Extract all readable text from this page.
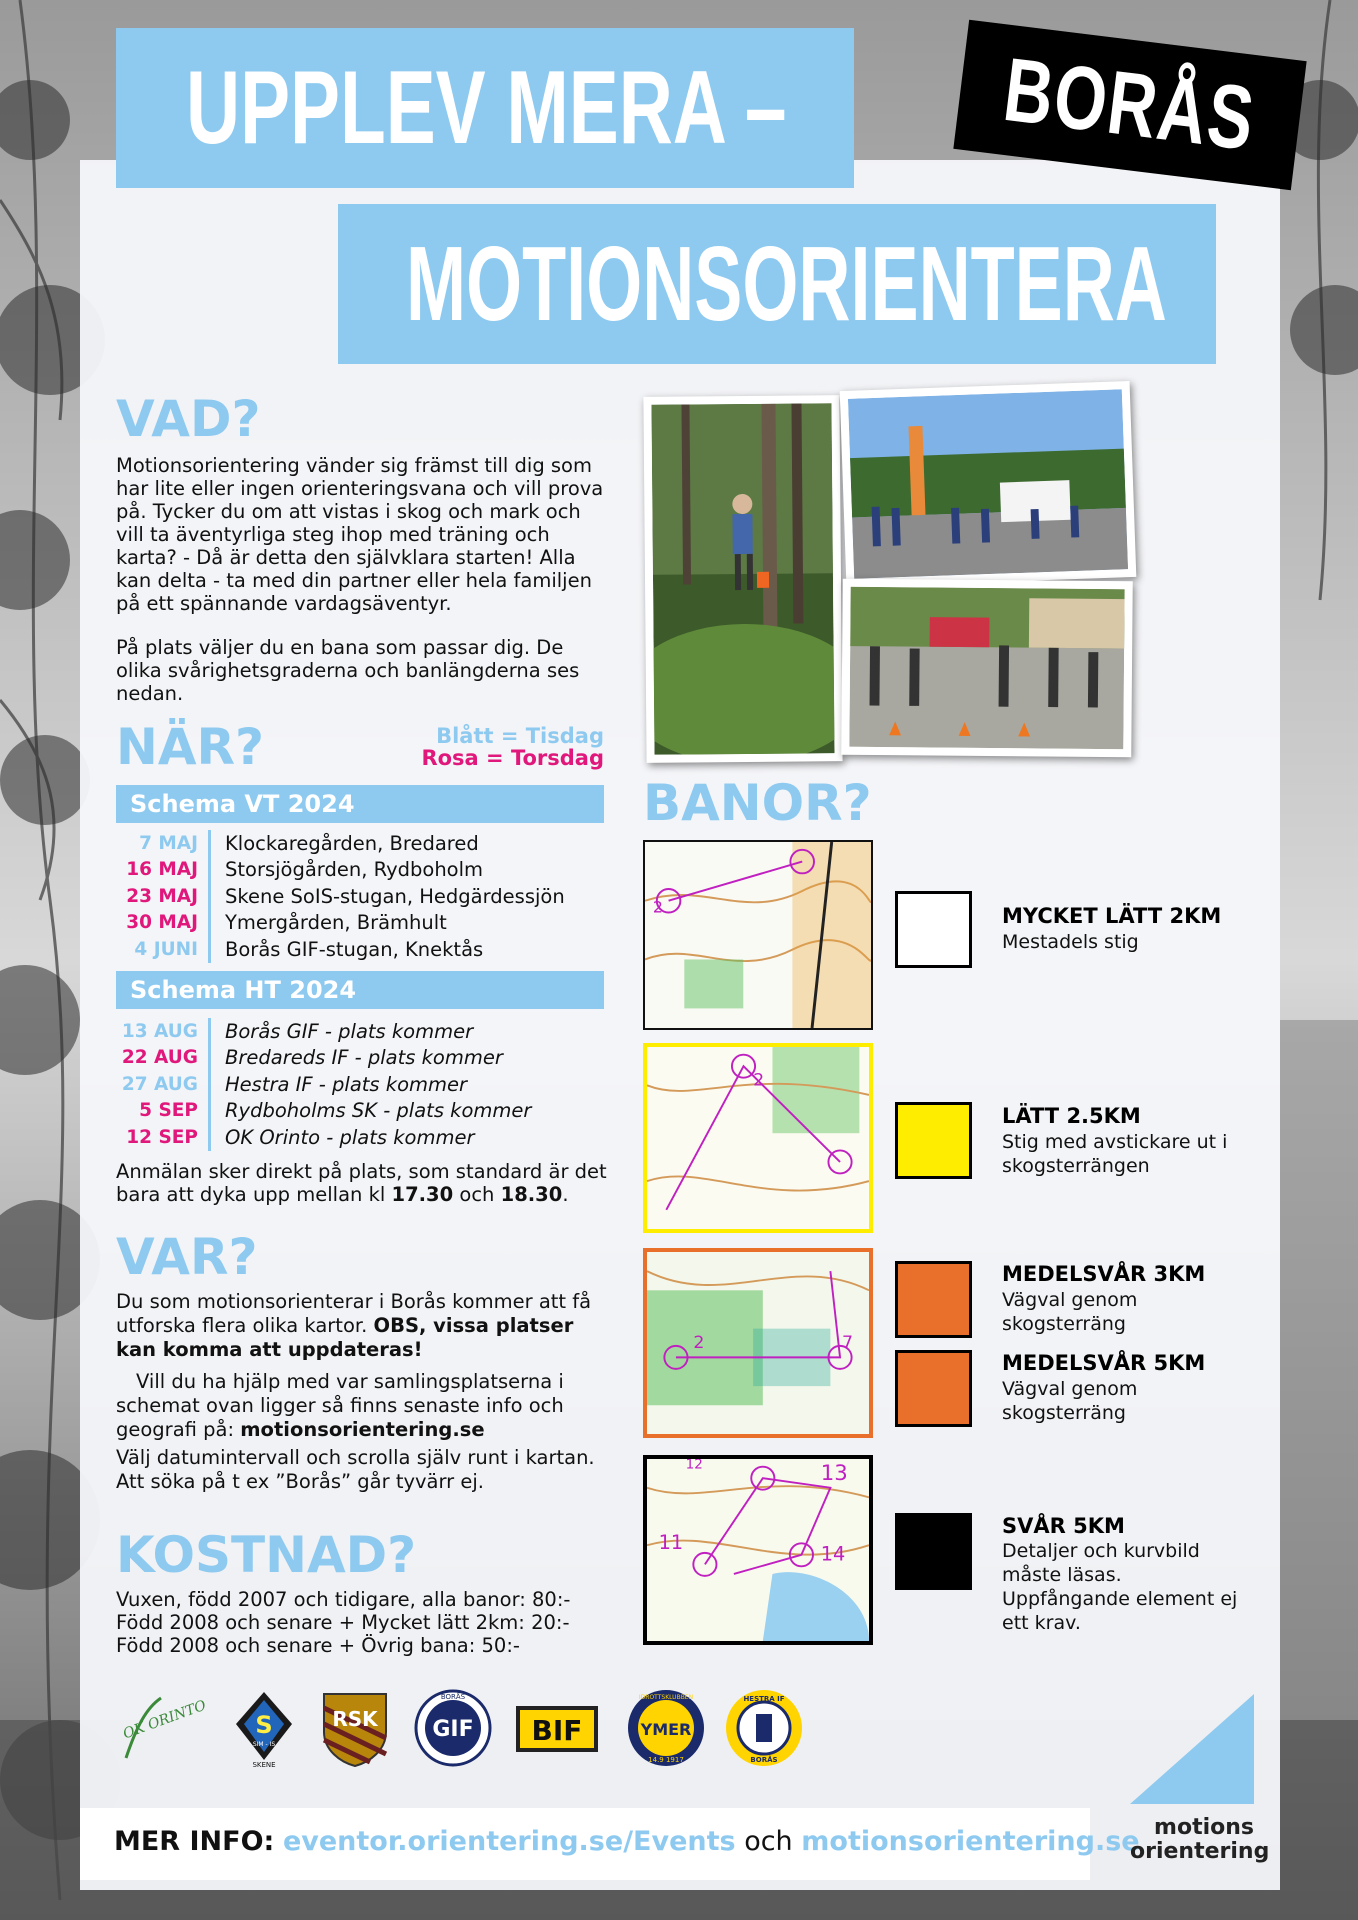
UPPLEV MERA –
MOTIONSORIENTERA
BORÅS
VAD?
Motionsorientering vänder sig främst till dig som har lite eller ingen orienteringsvana och vill prova på. Tycker du om att vistas i skog och mark och vill ta äventyrliga steg ihop med träning och karta? - Då är detta den självklara starten! Alla kan delta - ta med din partner eller hela familjen på ett spännande vardagsäventyr.
På plats väljer du en bana som passar dig. De olika svårighetsgraderna och banlängderna ses nedan.
NÄR?	Blått = Tisdag
Rosa = Torsdag
Schema VT 2024
7 MAJ	Klockaregården, Bredared
16 MAJ	Storsjögården, Rydboholm
23 MAJ	Skene SoIS-stugan, Hedgärdessjön
30 MAJ	Ymergården, Brämhult
4 JUNI	Borås GIF-stugan, Knektås
Schema HT 2024
13 AUG	Borås GIF - plats kommer
22 AUG	Bredareds IF - plats kommer
27 AUG	Hestra IF - plats kommer
5 SEP	Rydboholms SK - plats kommer
12 SEP	OK Orinto - plats kommer
Anmälan sker direkt på plats, som standard är det bara att dyka upp mellan kl 17.30 och 18.30.
VAR?
Du som motionsorienterar i Borås kommer att få utforska flera olika kartor. OBS, vissa platser kan komma att uppdateras!
Vill du ha hjälp med var samlingsplatserna i schemat ovan ligger så finns senaste info och geografi på: motionsorientering.se
Välj datumintervall och scrolla själv runt i kartan. Att söka på t ex ”Borås” går tyvärr ej.
KOSTNAD?
Vuxen, född 2007 och tidigare, alla banor: 80:-
Född 2008 och senare + Mycket lätt 2km: 20:-
Född 2008 och senare + Övrig bana: 50:-
BANOR?
2
2
2	7
12	13
11
14
MYCKET LÄTT 2KM
Mestadels stig
LÄTT 2.5KM
Stig med avstickare ut i skogsterrängen
MEDELSVÅR 3KM
Vägval genom skogsterräng
MEDELSVÅR 5KM
Vägval genom skogsterräng
SVÅR 5KM
Detaljer och kurvbild måste läsas. Uppfångande element ej ett krav.
OK ORINTO S
SIM - IS
SKENE
RSK GIF
BORÅS
BIF	YMER
IDROTTSKLUBBEN
14.9 1917
HESTRA IF
BORÅS
MER INFO: eventor.orientering.se/Events och motionsorientering.se motions
orientering
